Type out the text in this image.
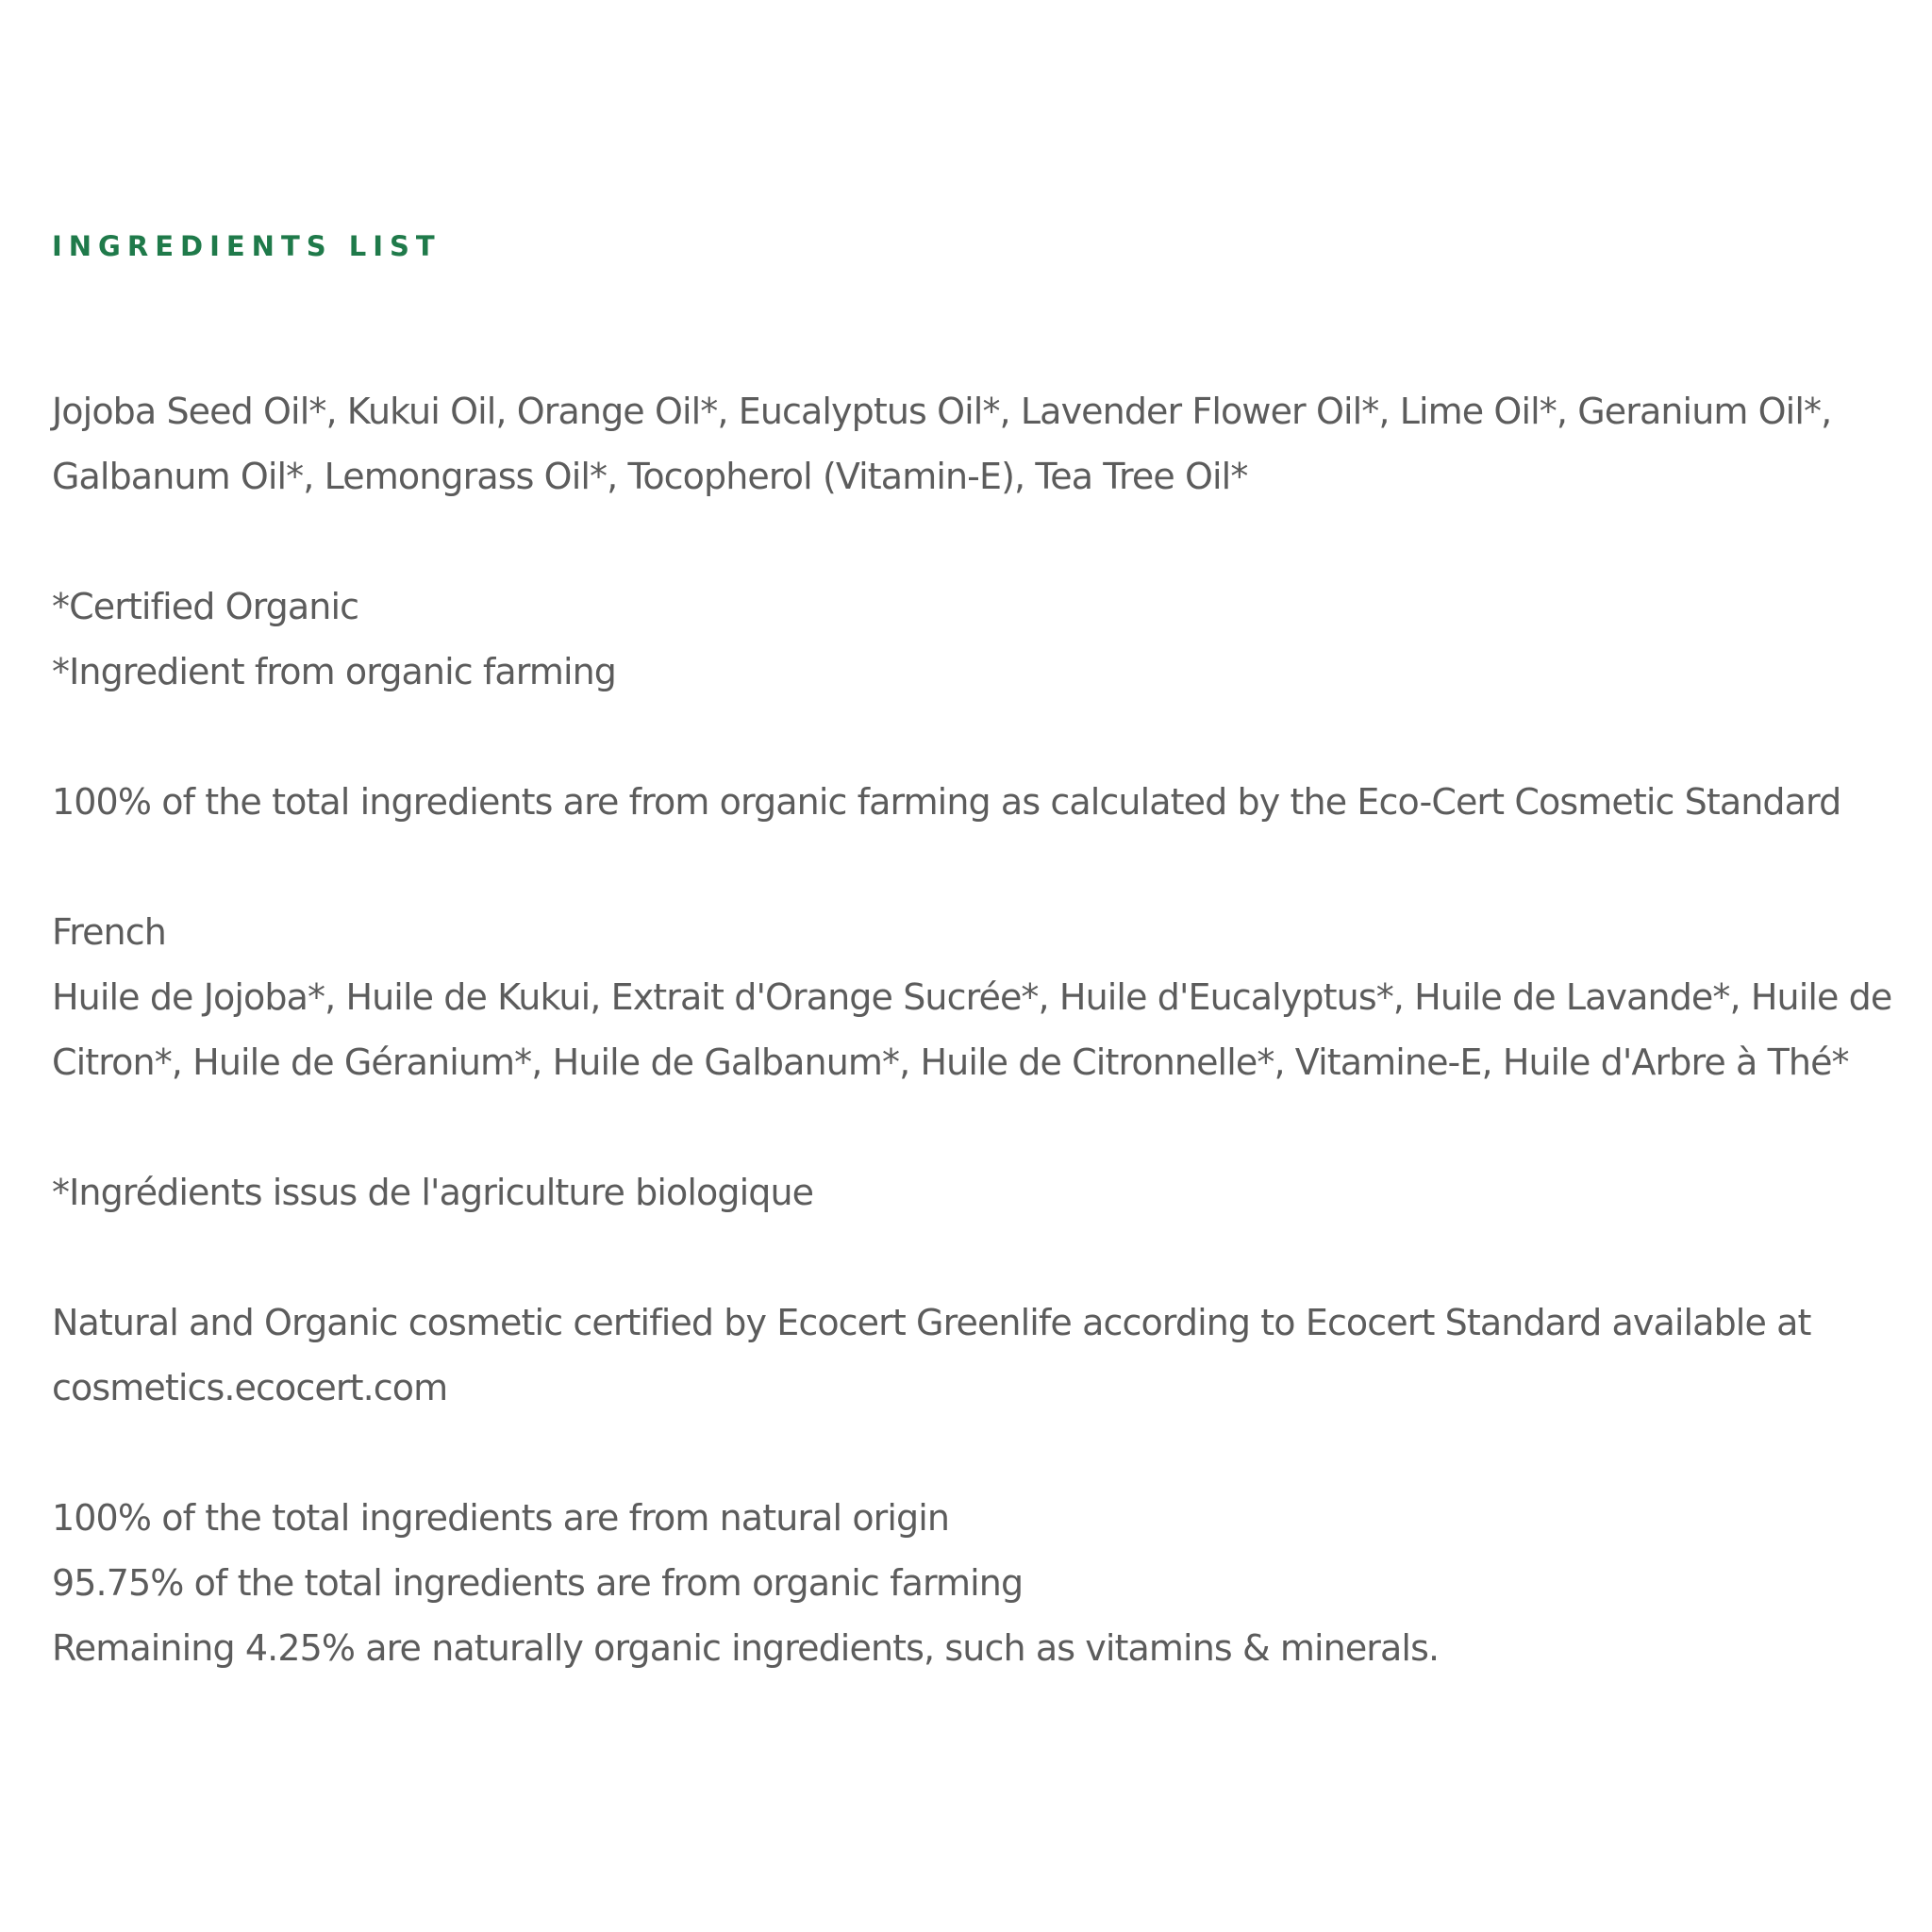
INGREDIENTS LIST

Jojoba Seed Oil*, Kukui Oil, Orange Oil*, Eucalyptus Oil*, Lavender Flower Oil*, Lime Oil*, Geranium Oil*, Galbanum Oil*, Lemongrass Oil*, Tocopherol (Vitamin-E), Tea Tree Oil*

*Certified Organic
*Ingredient from organic farming

100% of the total ingredients are from organic farming as calculated by the Eco-Cert Cosmetic Standard

French
Huile de Jojoba*, Huile de Kukui, Extrait d'Orange Sucrée*, Huile d'Eucalyptus*, Huile de Lavande*, Huile de Citron*, Huile de Géranium*, Huile de Galbanum*, Huile de Citronnelle*, Vitamine-E, Huile d'Arbre à Thé*

*Ingrédients issus de l'agriculture biologique

Natural and Organic cosmetic certified by Ecocert Greenlife according to Ecocert Standard available at cosmetics.ecocert.com

100% of the total ingredients are from natural origin
95.75% of the total ingredients are from organic farming
Remaining 4.25% are naturally organic ingredients, such as vitamins & minerals.
